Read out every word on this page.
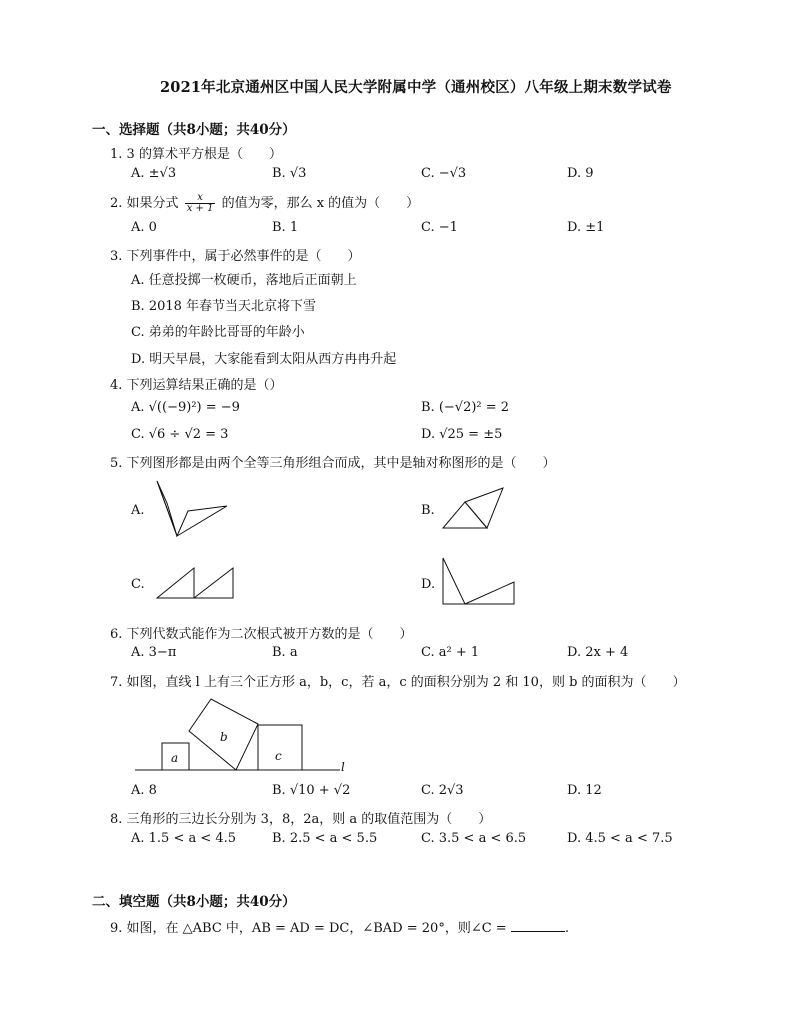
2021年北京通州区中国人民大学附属中学（通州校区）八年级上期末数学试卷
一、选择题（共8小题；共40分）
1. 3 的算术平方根是（　　）
A. ±√3	B. √3	C. −√3	D. 9
2. 如果分式 $\frac{x}{x + 1}$ 的值为零，那么 x 的值为（　　）
A. 0	B. 1	C. −1	D. ±1
3. 下列事件中，属于必然事件的是（　　）
A. 任意投掷一枚硬币，落地后正面朝上
B. 2018 年春节当天北京将下雪
C. 弟弟的年龄比哥哥的年龄小
D. 明天早晨，大家能看到太阳从西方冉冉升起
4. 下列运算结果正确的是（）
A. √((−9)²) = −9	B. (−√2)² = 2
C. √6 ÷ √2 = 3	D. √25 = ±5
5. 下列图形都是由两个全等三角形组合而成，其中是轴对称图形的是（　　）
A.	B.
C.	D.
6. 下列代数式能作为二次根式被开方数的是（　　）
A. 3−π	B. a	C. a² + 1	D. 2x + 4
7. 如图，直线 l 上有三个正方形 a，b，c，若 a，c 的面积分别为 2 和 10，则 b 的面积为（　　）
a
b
c
l
A. 8	B. √10 + √2	C. 2√3	D. 12
8. 三角形的三边长分别为 3，8，2a，则 a 的取值范围为（　　）
A. 1.5 < a < 4.5	B. 2.5 < a < 5.5	C. 3.5 < a < 6.5	D. 4.5 < a < 7.5
二、填空题（共8小题；共40分）
9. 如图，在 △ABC 中，AB = AD = DC，∠BAD = 20°，则∠C =	.
